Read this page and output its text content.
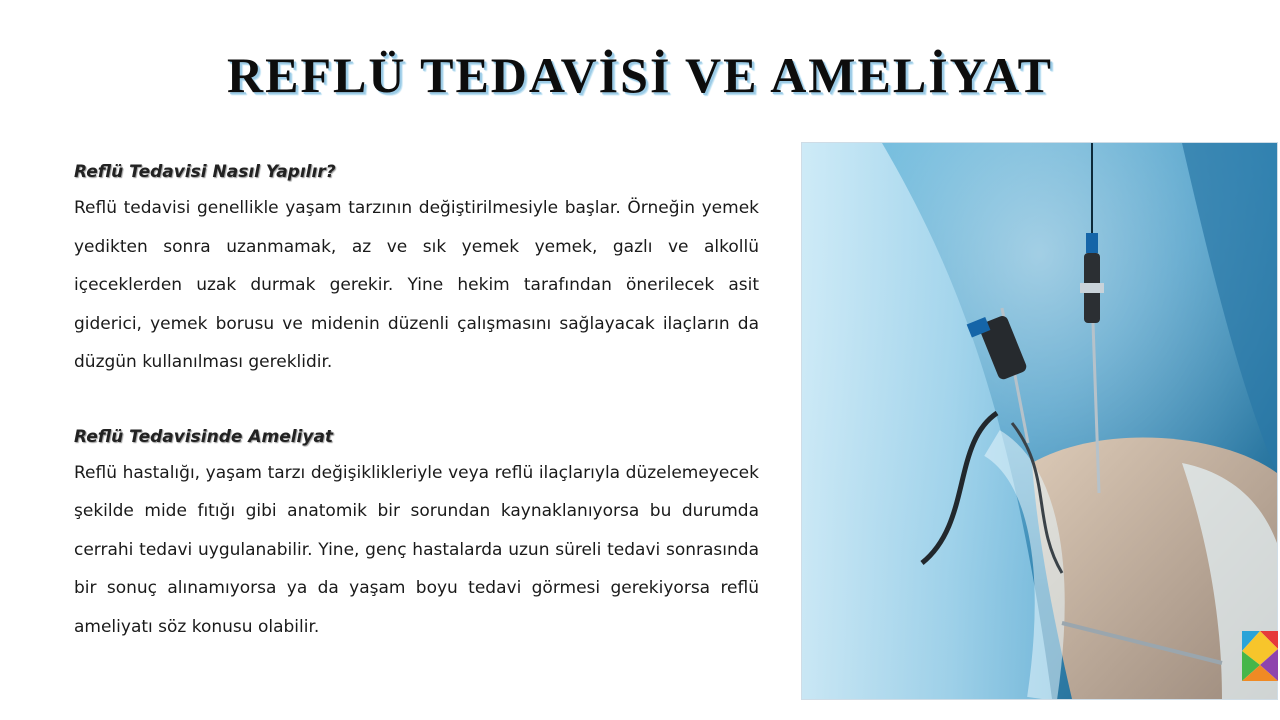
REFLÜ TEDAVİSİ VE AMELİYAT
Reflü Tedavisi Nasıl Yapılır?

Reflü tedavisi genellikle yaşam tarzının değiştirilmesiyle başlar. Örneğin yemek yedikten sonra uzanmamak, az ve sık yemek yemek, gazlı ve alkollü içeceklerden uzak durmak gerekir. Yine hekim tarafından önerilecek asit giderici, yemek borusu ve midenin düzenli çalışmasını sağlayacak ilaçların da düzgün kullanılması gereklidir.

Reflü Tedavisinde Ameliyat

Reflü hastalığı, yaşam tarzı değişiklikleriyle veya reflü ilaçlarıyla düzelemeyecek şekilde mide fıtığı gibi anatomik bir sorundan kaynaklanıyorsa bu durumda cerrahi tedavi uygulanabilir. Yine, genç hastalarda uzun süreli tedavi sonrasında bir sonuç alınamıyorsa ya da yaşam boyu tedavi görmesi gerekiyorsa reflü ameliyatı söz konusu olabilir.
